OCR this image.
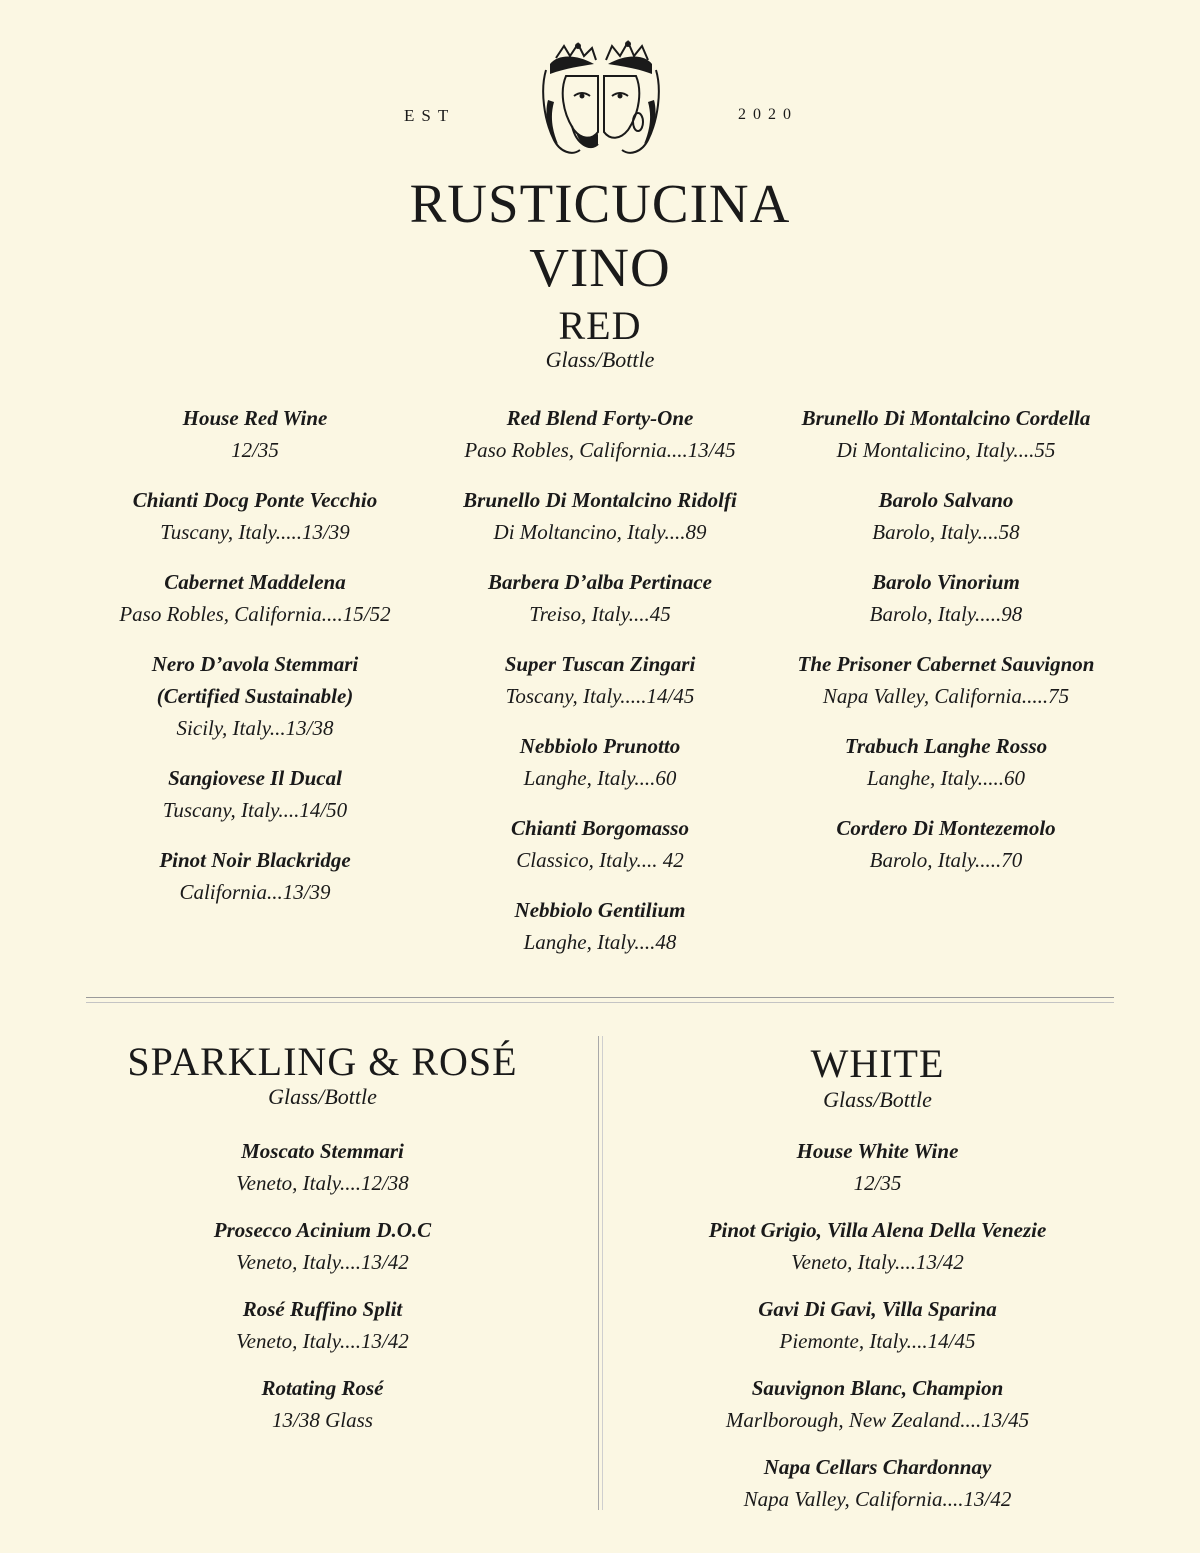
EST	2020
RUSTICUCINA
VINO
RED
Glass/Bottle
House Red Wine
12/35
Chianti Docg Ponte Vecchio
Tuscany, Italy.....13/39
Cabernet Maddelena
Paso Robles, California....15/52
Nero D’avola Stemmari
(Certified Sustainable)
Sicily, Italy...13/38
Sangiovese Il Ducal
Tuscany, Italy....14/50
Pinot Noir Blackridge
California...13/39
Red Blend Forty-One
Paso Robles, California....13/45
Brunello Di Montalcino Ridolfi
Di Moltancino, Italy....89
Barbera D’alba Pertinace
Treiso, Italy....45
Super Tuscan Zingari
Toscany, Italy.....14/45
Nebbiolo Prunotto
Langhe, Italy....60
Chianti Borgomasso
Classico, Italy.... 42
Nebbiolo Gentilium
Langhe, Italy....48
Brunello Di Montalcino Cordella
Di Montalicino, Italy....55
Barolo Salvano
Barolo, Italy....58
Barolo Vinorium
Barolo, Italy.....98
The Prisoner Cabernet Sauvignon
Napa Valley, California.....75
Trabuch Langhe Rosso
Langhe, Italy.....60
Cordero Di Montezemolo
Barolo, Italy.....70
SPARKLING & ROSÉ
Glass/Bottle
Moscato Stemmari
Veneto, Italy....12/38
Prosecco Acinium D.O.C
Veneto, Italy....13/42
Rosé Ruffino Split
Veneto, Italy....13/42
Rotating Rosé
13/38 Glass
WHITE
Glass/Bottle
House White Wine
12/35
Pinot Grigio, Villa Alena Della Venezie
Veneto, Italy....13/42
Gavi Di Gavi, Villa Sparina
Piemonte, Italy....14/45
Sauvignon Blanc, Champion
Marlborough, New Zealand....13/45
Napa Cellars Chardonnay
Napa Valley, California....13/42
